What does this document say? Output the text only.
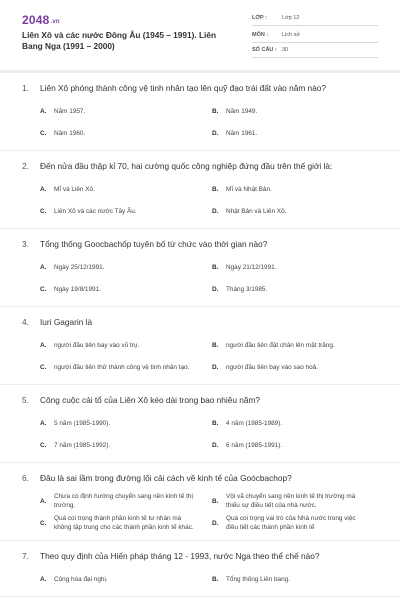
2048.vn
Liên Xô và các nước Đông Âu (1945 – 1991). Liên Bang Nga (1991 – 2000)
LỚP :	Lớp 12
MÔN :	Lịch sử
SỐ CÂU : 30
1.	Liên Xô phóng thành công vệ tinh nhân tạo lên quỹ đạo trái đất vào năm nào?
A.	Năm 1957.	B.	Năm 1949.
C.	Năm 1960.	D.	Năm 1961.
2.	Đến nửa đầu thập kỉ 70, hai cường quốc công nghiệp đứng đầu trên thế giới là:
A.	Mĩ và Liên Xô.	B.	Mĩ và Nhật Bản.
C.	Liên Xô và các nước Tây Âu.	D.	Nhật Bản và Liên Xô.
3.	Tổng thống Goocbachốp tuyên bố từ chức vào thời gian nào?
A.	Ngày 25/12/1991.	B.	Ngày 21/12/1991.
C.	Ngày 19/8/1991.	D.	Tháng 3/1985.
4.	Iuri Gagarin là
A.	người đầu tiên bay vào vũ trụ.	B.	người đầu tiên đặt chân lên mặt trăng.
C.	người đầu tiên thử thành công vệ tinh nhân tạo.	D.	người đầu tiên bay vào sao hoả.
5.	Công cuộc cải tổ của Liên Xô kéo dài trong bao nhiêu năm?
A.	5 năm (1985-1990).	B.	4 năm (1985-1989).
C.	7 năm (1985-1992).	D.	6 năm (1985-1991).
6.	Đâu là sai lầm trong đường lối cải cách về kinh tế của Goócbachop?
A.
Chưa có định hướng chuyển sang nền kinh tế thị trường.
B.
Vội vã chuyển sang nền kinh tế thị trường mà thiếu sự điều tiết của nhà nước.
C.
Quá coi trọng thành phần kinh tế tư nhân mà không tập trung cho các thành phần kinh tế khác.
D.
Quá coi trọng vai trò của Nhà nước trong việc điều tiết các thành phần kinh tế
7.	Theo quy định của Hiến pháp tháng 12 - 1993, nước Nga theo thể chế nào?
A.	Cộng hòa đại nghị.	B.	Tổng thống Liên bang.
